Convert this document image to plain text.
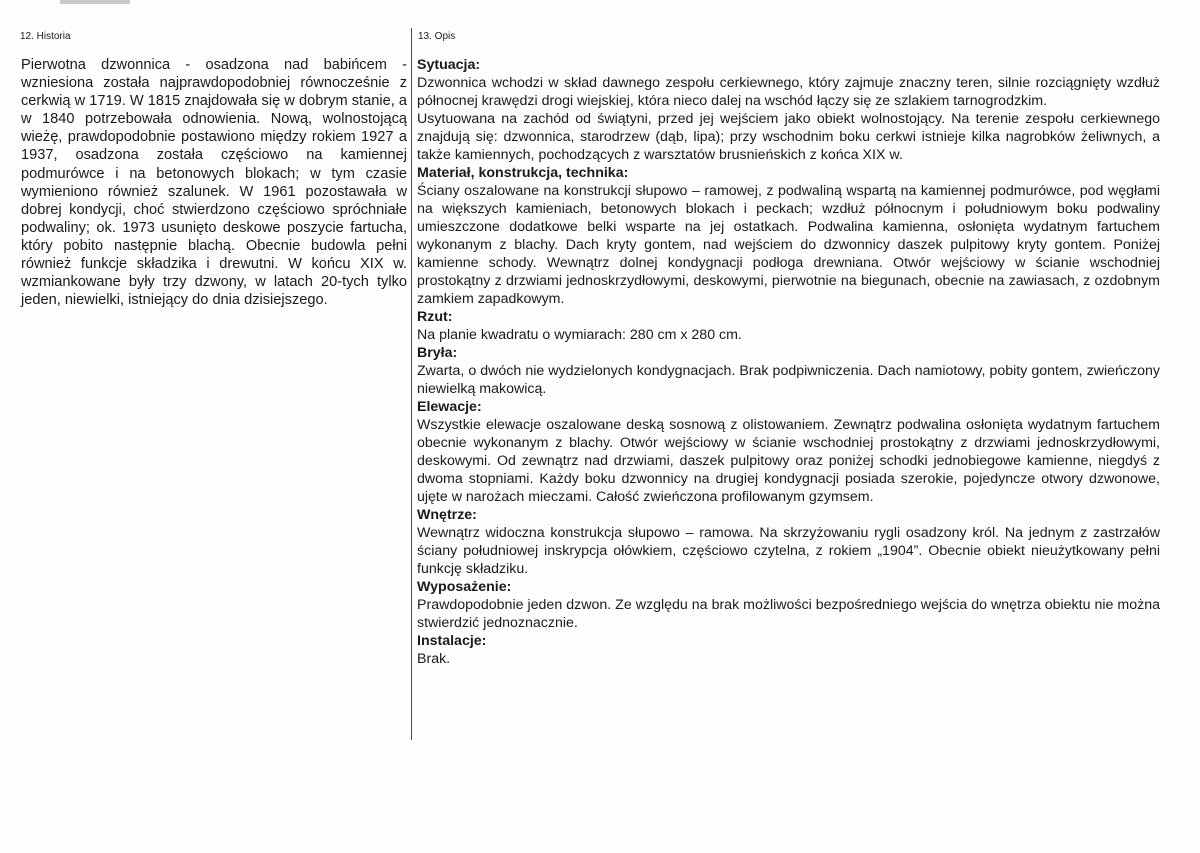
12. Historia
Pierwotna dzwonnica - osadzona nad babińcem - wzniesiona została najprawdopodobniej równocześnie z cerkwią w 1719. W 1815 znajdowała się w dobrym stanie, a w 1840 potrzebowała odnowienia. Nową, wolnostojącą wieżę, prawdopodobnie postawiono między rokiem 1927 a 1937, osadzona została częściowo na kamiennej podmurówce i na betonowych blokach; w tym czasie wymieniono również szalunek. W 1961 pozostawała w dobrej kondycji, choć stwierdzono częściowo spróchniałe podwaliny; ok. 1973 usunięto deskowe poszycie fartucha, który pobito następnie blachą. Obecnie budowla pełni również funkcje składzika i drewutni. W końcu XIX w. wzmiankowane były trzy dzwony, w latach 20-tych tylko jeden, niewielki, istniejący do dnia dzisiejszego.
13. Opis
Sytuacja:
Dzwonnica wchodzi w skład dawnego zespołu cerkiewnego, który zajmuje znaczny teren, silnie rozciągnięty wzdłuż północnej krawędzi drogi wiejskiej, która nieco dalej na wschód łączy się ze szlakiem tarnogrodzkim.
Usytuowana na zachód od świątyni, przed jej wejściem jako obiekt wolnostojący. Na terenie zespołu cerkiewnego znajdują się: dzwonnica, starodrzew (dąb, lipa); przy wschodnim boku cerkwi istnieje kilka nagrobków żeliwnych, a także kamiennych, pochodzących z warsztatów brusnieńskich z końca XIX w.
Materiał, konstrukcja, technika:
Ściany oszalowane na konstrukcji słupowo – ramowej, z podwaliną wspartą na kamiennej podmurówce, pod węgłami na większych kamieniach, betonowych blokach i peckach; wzdłuż północnym i południowym boku podwaliny umieszczone dodatkowe belki wsparte na jej ostatkach. Podwalina kamienna, osłonięta wydatnym fartuchem wykonanym z blachy. Dach kryty gontem, nad wejściem do dzwonnicy daszek pulpitowy kryty gontem. Poniżej kamienne schody. Wewnątrz dolnej kondygnacji podłoga drewniana. Otwór wejściowy w ścianie wschodniej prostokątny z drzwiami jednoskrzydłowymi, deskowymi, pierwotnie na biegunach, obecnie na zawiasach, z ozdobnym zamkiem zapadkowym.
Rzut:
Na planie kwadratu o wymiarach: 280 cm x 280 cm.
Bryła:
Zwarta, o dwóch nie wydzielonych kondygnacjach. Brak podpiwniczenia. Dach namiotowy, pobity gontem, zwieńczony niewielką makowicą.
Elewacje:
Wszystkie elewacje oszalowane deską sosnową z olistowaniem. Zewnątrz podwalina osłonięta wydatnym fartuchem obecnie wykonanym z blachy. Otwór wejściowy w ścianie wschodniej prostokątny z drzwiami jednoskrzydłowymi, deskowymi. Od zewnątrz nad drzwiami, daszek pulpitowy oraz poniżej schodki jednobiegowe kamienne, niegdyś z dwoma stopniami. Każdy boku dzwonnicy na drugiej kondygnacji posiada szerokie, pojedyncze otwory dzwonowe, ujęte w narożach mieczami. Całość zwieńczona profilowanym gzymsem.
Wnętrze:
Wewnątrz widoczna konstrukcja słupowo – ramowa. Na skrzyżowaniu rygli osadzony król. Na jednym z zastrzałów ściany południowej inskrypcja ołówkiem, częściowo czytelna, z rokiem „1904”. Obecnie obiekt nieużytkowany pełni funkcję składziku.
Wyposażenie:
Prawdopodobnie jeden dzwon. Ze względu na brak możliwości bezpośredniego wejścia do wnętrza obiektu nie można stwierdzić jednoznacznie.
Instalacje:
Brak.
